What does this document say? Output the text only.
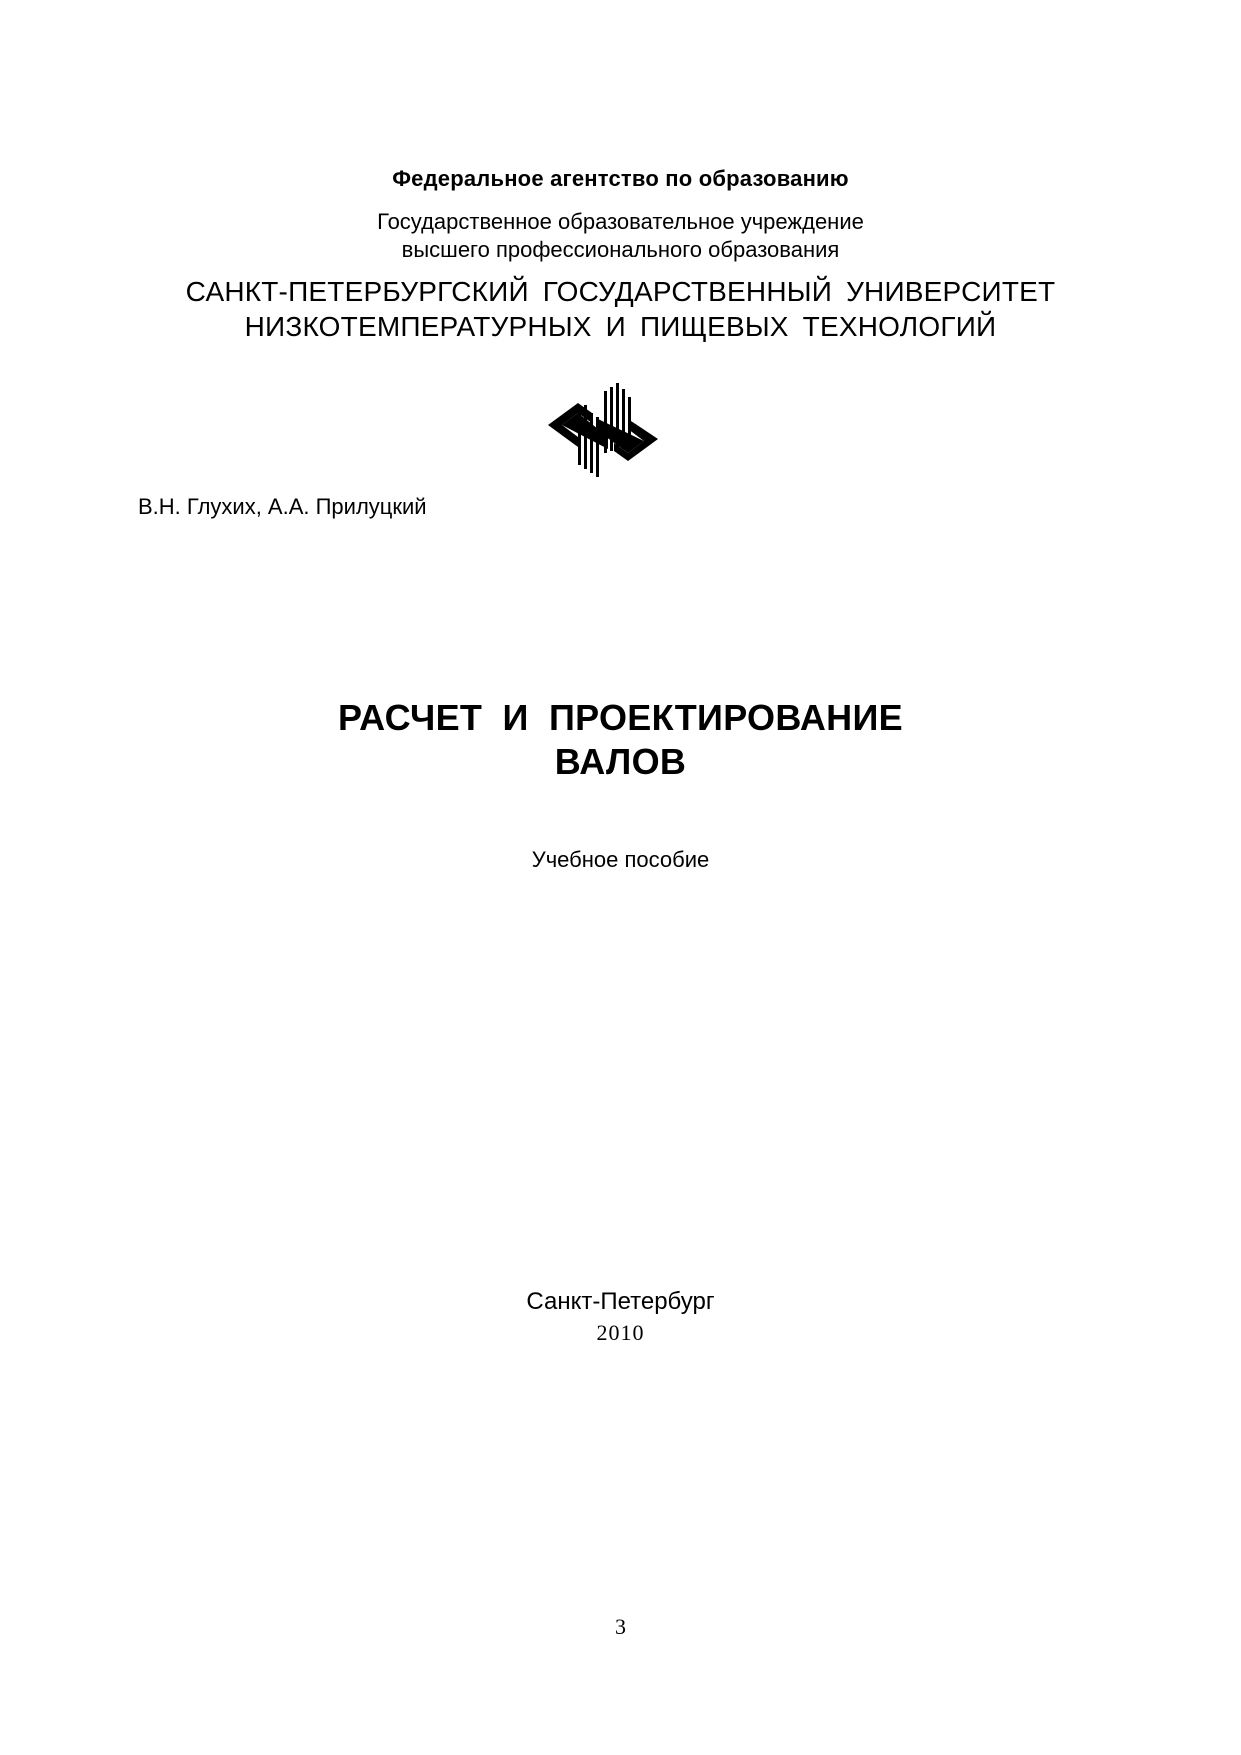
Федеральное агентство по образованию

Государственное образовательное учреждение

высшего профессионального образования

САНКТ-ПЕТЕРБУРГСКИЙ ГОСУДАРСТВЕННЫЙ УНИВЕРСИТЕТ

НИЗКОТЕМПЕРАТУРНЫХ И ПИЩЕВЫХ ТЕХНОЛОГИЙ

В.Н. Глухих, А.А. Прилуцкий

РАСЧЕТ И ПРОЕКТИРОВАНИЕ

ВАЛОВ

Учебное пособие

Санкт-Петербург

2010

3
